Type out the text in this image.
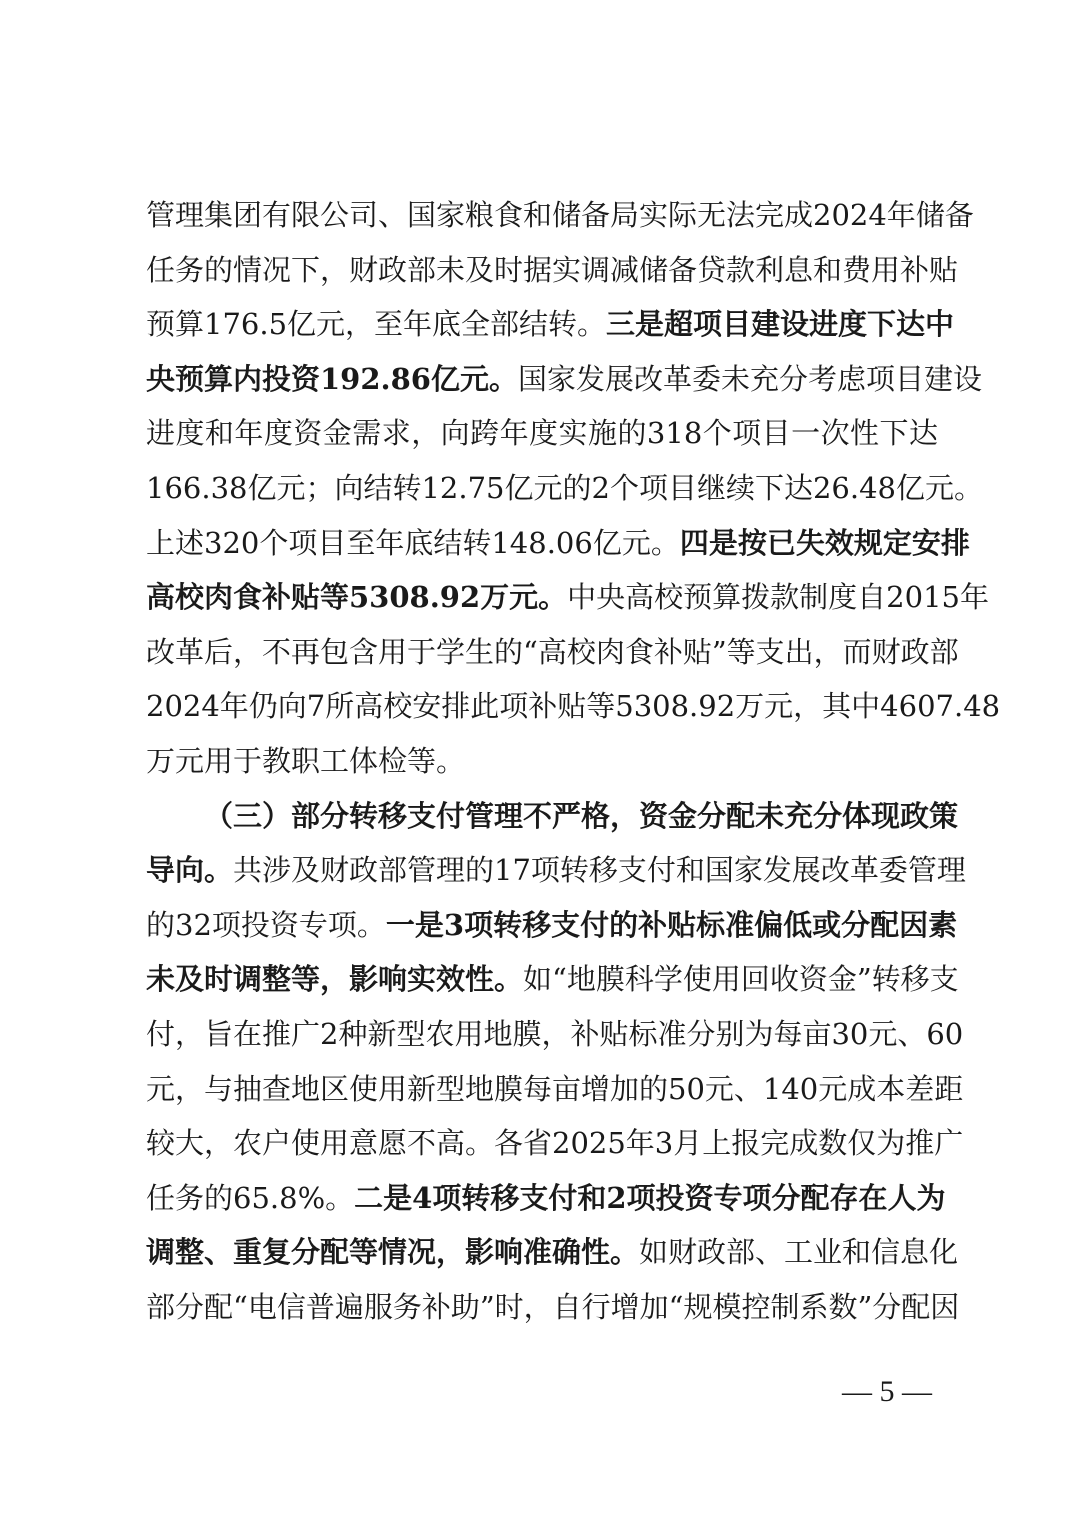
管理集团有限公司、国家粮食和储备局实际无法完成2024年储备
任务的情况下，财政部未及时据实调减储备贷款利息和费用补贴
预算176.5亿元，至年底全部结转。三是超项目建设进度下达中
央预算内投资192.86亿元。国家发展改革委未充分考虑项目建设
进度和年度资金需求，向跨年度实施的318个项目一次性下达
166.38亿元；向结转12.75亿元的2个项目继续下达26.48亿元。
上述320个项目至年底结转148.06亿元。四是按已失效规定安排
高校肉食补贴等5308.92万元。中央高校预算拨款制度自2015年
改革后，不再包含用于学生的“高校肉食补贴”等支出，而财政部
2024年仍向7所高校安排此项补贴等5308.92万元，其中4607.48
万元用于教职工体检等。
（三）部分转移支付管理不严格，资金分配未充分体现政策
导向。共涉及财政部管理的17项转移支付和国家发展改革委管理
的32项投资专项。一是3项转移支付的补贴标准偏低或分配因素
未及时调整等，影响实效性。如“地膜科学使用回收资金”转移支
付，旨在推广2种新型农用地膜，补贴标准分别为每亩30元、60
元，与抽查地区使用新型地膜每亩增加的50元、140元成本差距
较大，农户使用意愿不高。各省2025年3月上报完成数仅为推广
任务的65.8%。二是4项转移支付和2项投资专项分配存在人为
调整、重复分配等情况，影响准确性。如财政部、工业和信息化
部分配“电信普遍服务补助”时，自行增加“规模控制系数”分配因
— 5 —
